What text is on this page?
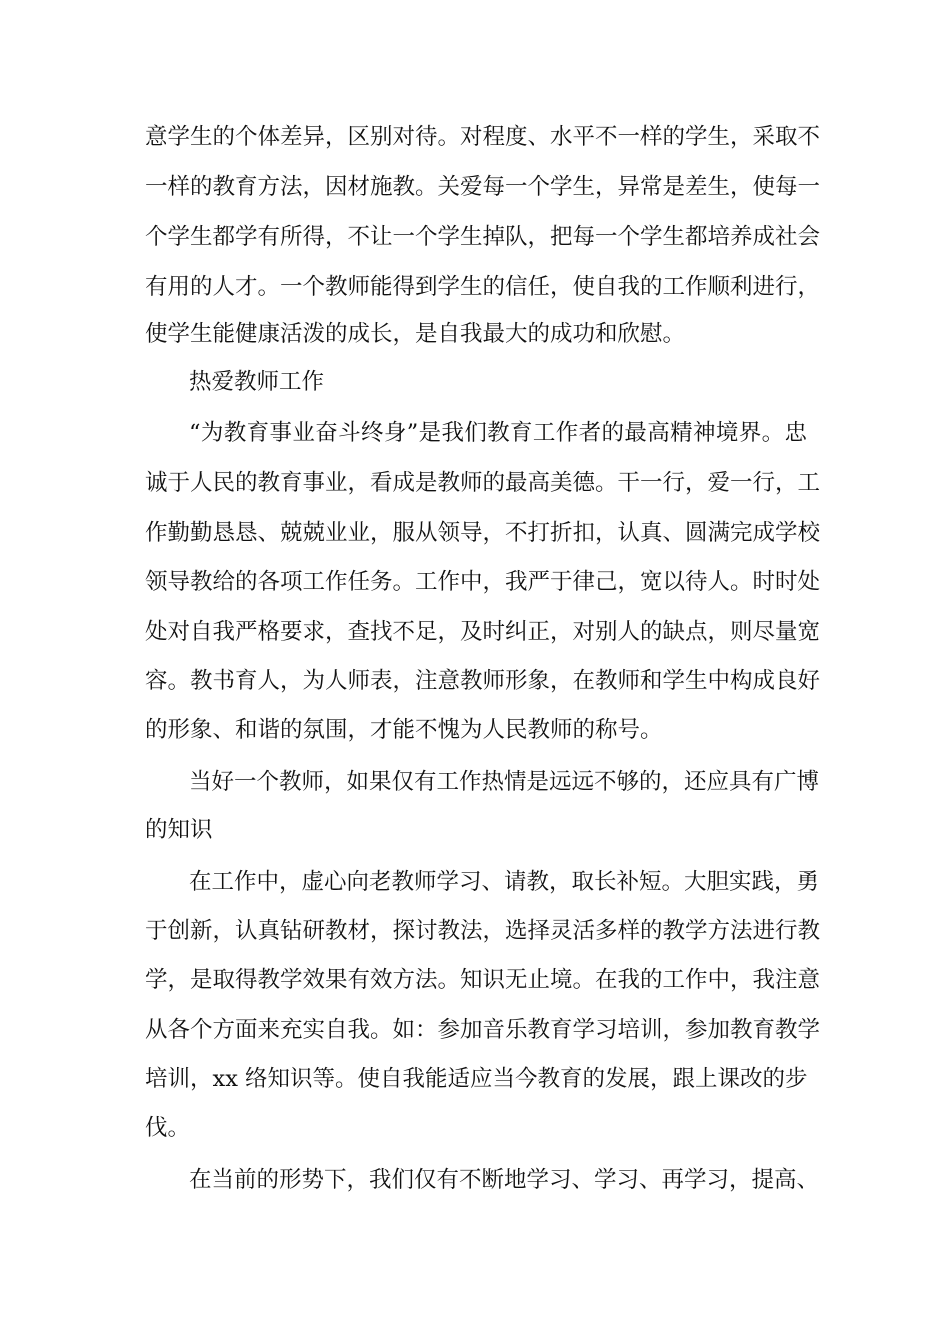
意学生的个体差异，区别对待。对程度、水平不一样的学生，采取不
一样的教育方法，因材施教。关爱每一个学生，异常是差生，使每一
个学生都学有所得，不让一个学生掉队，把每一个学生都培养成社会
有用的人才。一个教师能得到学生的信任，使自我的工作顺利进行，
使学生能健康活泼的成长，是自我最大的成功和欣慰。
热爱教师工作
“为教育事业奋斗终身”是我们教育工作者的最高精神境界。忠
诚于人民的教育事业，看成是教师的最高美德。干一行，爱一行，工
作勤勤恳恳、兢兢业业，服从领导，不打折扣，认真、圆满完成学校
领导教给的各项工作任务。工作中，我严于律己，宽以待人。时时处
处对自我严格要求，查找不足，及时纠正，对别人的缺点，则尽量宽
容。教书育人，为人师表，注意教师形象，在教师和学生中构成良好
的形象、和谐的氛围，才能不愧为人民教师的称号。
当好一个教师，如果仅有工作热情是远远不够的，还应具有广博
的知识
在工作中，虚心向老教师学习、请教，取长补短。大胆实践，勇
于创新，认真钻研教材，探讨教法，选择灵活多样的教学方法进行教
学，是取得教学效果有效方法。知识无止境。在我的工作中，我注意
从各个方面来充实自我。如：参加音乐教育学习培训，参加教育教学
培训，xx 络知识等。使自我能适应当今教育的发展，跟上课改的步
伐。
在当前的形势下，我们仅有不断地学习、学习、再学习，提高、
